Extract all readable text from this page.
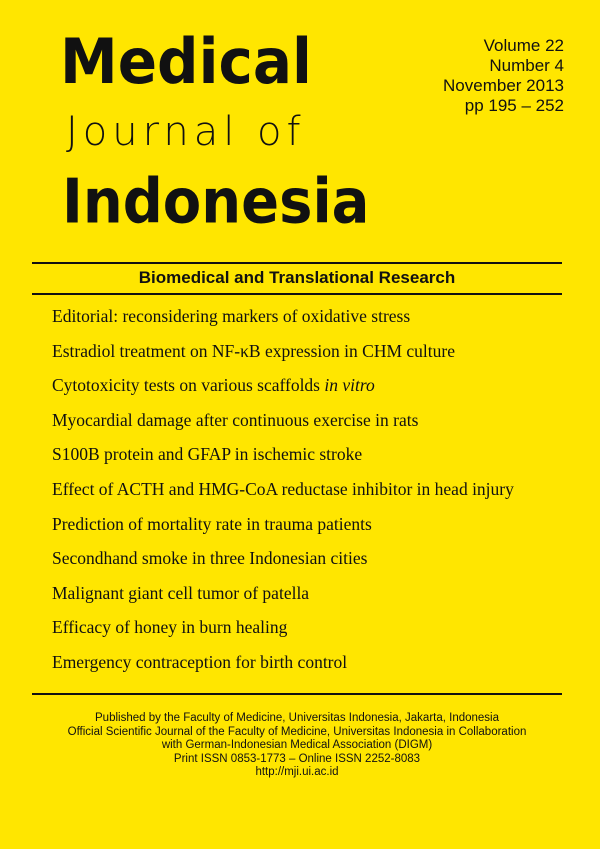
Medical
Journal of
Indonesia
Volume 22
Number 4
November 2013
pp 195 – 252
Biomedical and Translational Research
Editorial: reconsidering markers of oxidative stress
Estradiol treatment on NF-κB expression in CHM culture
Cytotoxicity tests on various scaffolds in vitro
Myocardial damage after continuous exercise in rats
S100B protein and GFAP in ischemic stroke
Effect of ACTH and HMG-CoA reductase inhibitor in head injury
Prediction of mortality rate in trauma patients
Secondhand smoke in three Indonesian cities
Malignant giant cell tumor of patella
Efficacy of honey in burn healing
Emergency contraception for birth control
Published by the Faculty of Medicine, Universitas Indonesia, Jakarta, Indonesia
Official Scientific Journal of the Faculty of Medicine, Universitas Indonesia in Collaboration
with German-Indonesian Medical Association (DIGM)
Print ISSN 0853-1773 – Online ISSN 2252-8083
http://mji.ui.ac.id
